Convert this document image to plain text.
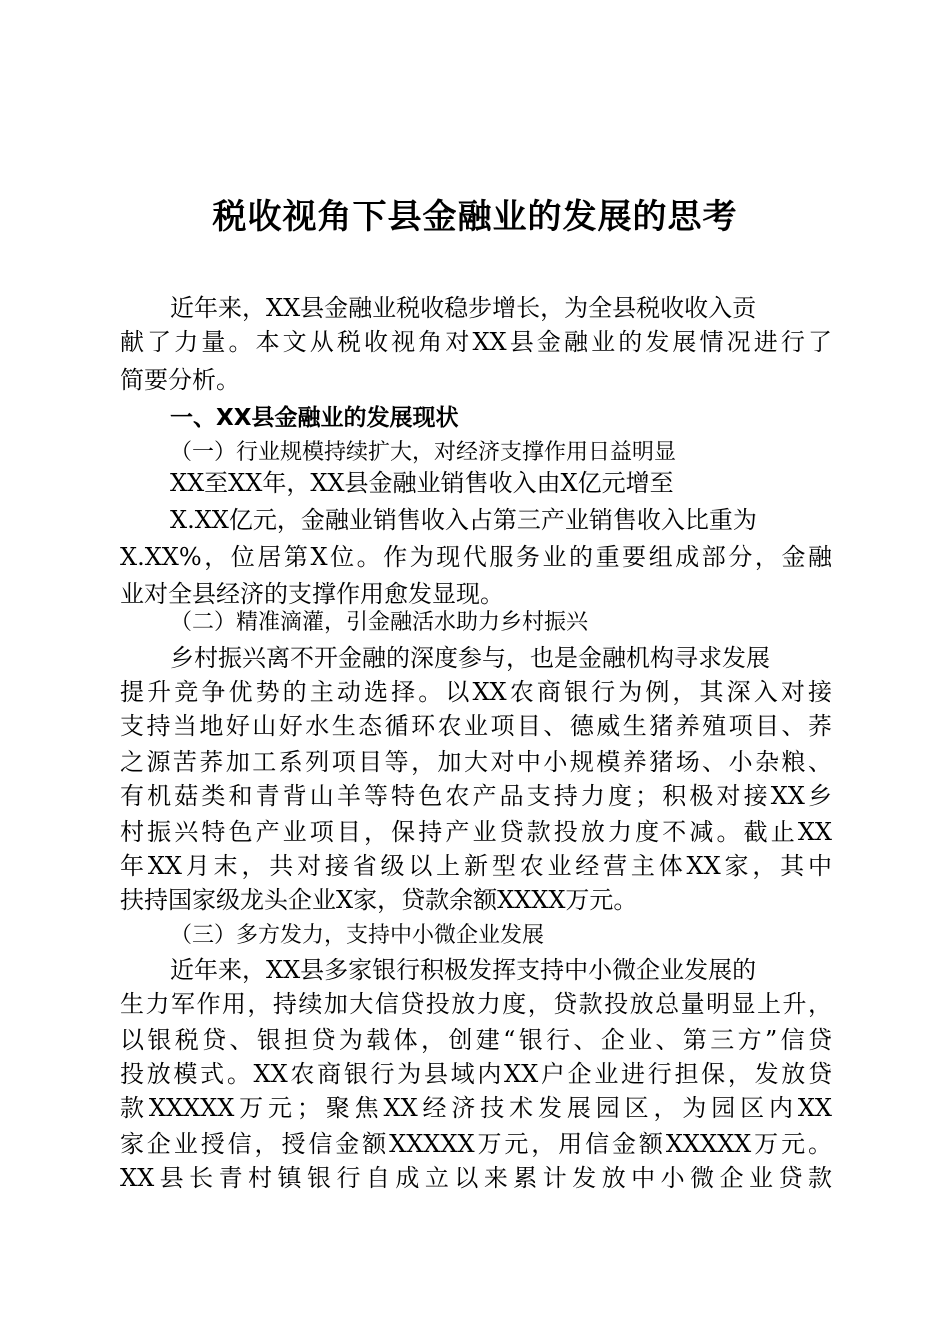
税收视角下县金融业的发展的思考
近年来，XX县金融业税收稳步增长，为全县税收收入贡
献了力量。本文从税收视角对XX县金融业的发展情况进行了
简要分析。
一、XX县金融业的发展现状
（一）行业规模持续扩大，对经济支撑作用日益明显
XX至XX年，XX县金融业销售收入由X亿元增至
X.XX亿元，金融业销售收入占第三产业销售收入比重为
X.XX%，位居第X位。作为现代服务业的重要组成部分，金融
业对全县经济的支撑作用愈发显现。
（二）精准滴灌，引金融活水助力乡村振兴
乡村振兴离不开金融的深度参与，也是金融机构寻求发展
提升竞争优势的主动选择。以XX农商银行为例，其深入对接
支持当地好山好水生态循环农业项目、德威生猪养殖项目、荞
之源苦荞加工系列项目等，加大对中小规模养猪场、小杂粮、
有机菇类和青背山羊等特色农产品支持力度；积极对接XX乡
村振兴特色产业项目，保持产业贷款投放力度不减。截止XX
年XX月末，共对接省级以上新型农业经营主体XX家，其中
扶持国家级龙头企业X家，贷款余额XXXX万元。
（三）多方发力，支持中小微企业发展
近年来，XX县多家银行积极发挥支持中小微企业发展的
生力军作用，持续加大信贷投放力度，贷款投放总量明显上升，
以银税贷、银担贷为载体，创建“银行、企业、第三方”信贷
投放模式。XX农商银行为县域内XX户企业进行担保，发放贷
款XXXXX万元；聚焦XX经济技术发展园区，为园区内XX
家企业授信，授信金额XXXXX万元，用信金额XXXXX万元。
XX县长青村镇银行自成立以来累计发放中小微企业贷款
